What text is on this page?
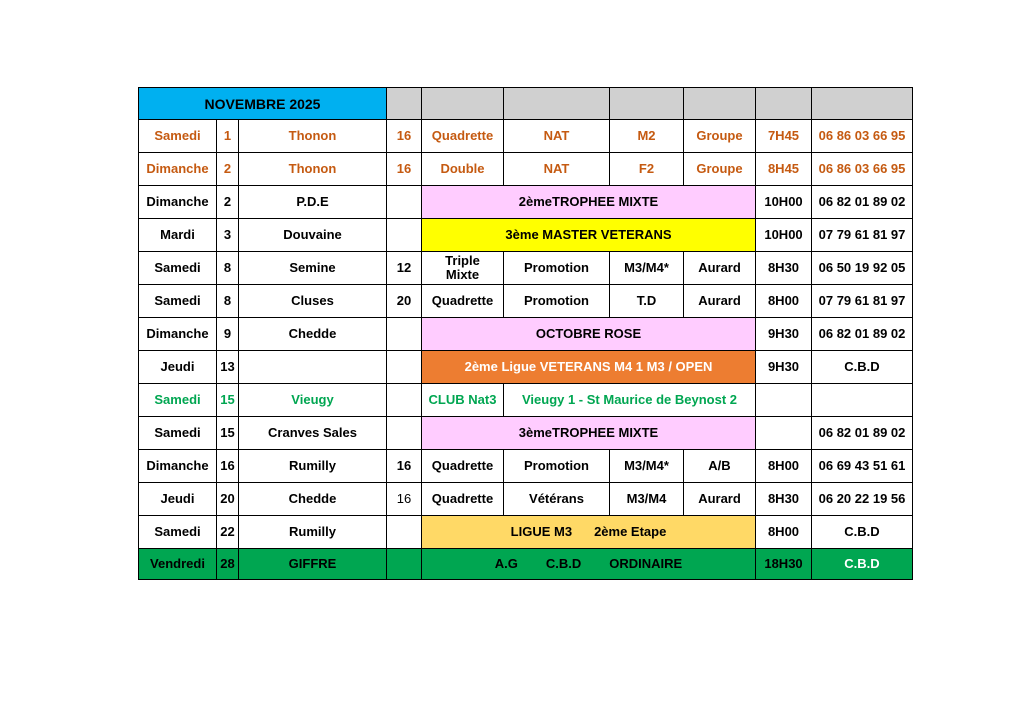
NOVEMBRE 2025									
Samedi	1	Thonon	16	Quadrette	NAT	M2	Groupe	7H45	06 86 03 66 95
Dimanche	2	Thonon	16	Double	NAT	F2	Groupe	8H45	06 86 03 66 95
Dimanche	2	P.D.E		2èmeTROPHEE MIXTE				10H00	06 82 01 89 02
Mardi	3	Douvaine		3ème MASTER VETERANS				10H00	07 79 61 81 97
Samedi	8	Semine	12	Triple Mixte	Promotion	M3/M4*	Aurard	8H30	06 50 19 92 05
Samedi	8	Cluses	20	Quadrette	Promotion	T.D	Aurard	8H00	07 79 61 81 97
Dimanche	9	Chedde		OCTOBRE ROSE				9H30	06 82 01 89 02
Jeudi	13			2ème Ligue VETERANS M4 1 M3 / OPEN				9H30	C.B.D
Samedi	15	Vieugy		CLUB Nat3	Vieugy 1 - St Maurice de Beynost 2				
Samedi	15	Cranves Sales		3èmeTROPHEE MIXTE					06 82 01 89 02
Dimanche	16	Rumilly	16	Quadrette	Promotion	M3/M4*	A/B	8H00	06 69 43 51 61
Jeudi	20	Chedde	16	Quadrette	Vétérans	M3/M4	Aurard	8H30	06 20 22 19 56
Samedi	22	Rumilly		LIGUE M3 2ème Etape				8H00	C.B.D
Vendredi	28	GIFFRE		A.G C.B.D ORDINAIRE				18H30	C.B.D
